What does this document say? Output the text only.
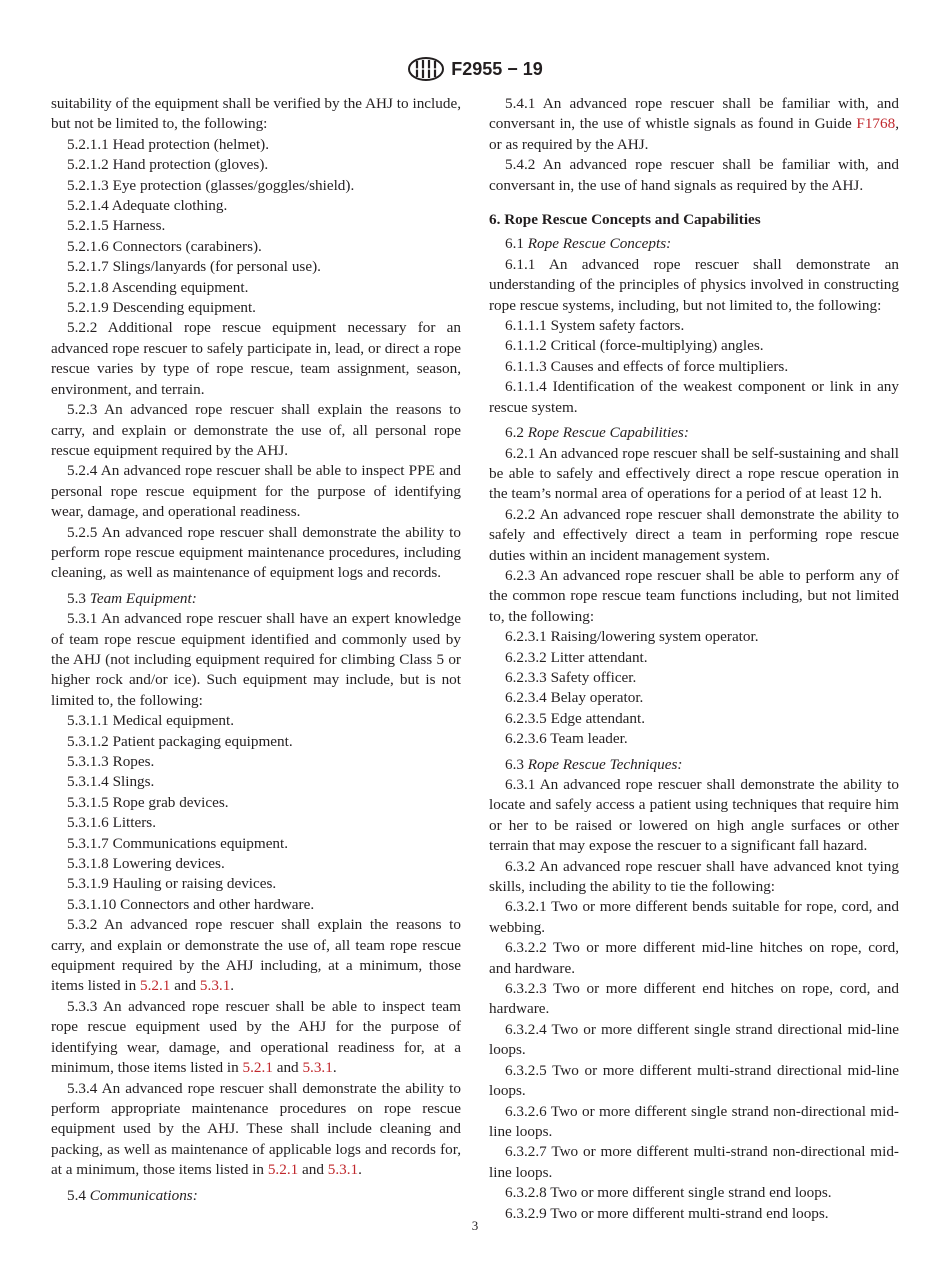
F2955 − 19

suitability of the equipment shall be verified by the AHJ to include, but not be limited to, the following:

5.2.1.1 Head protection (helmet).

5.2.1.2 Hand protection (gloves).

5.2.1.3 Eye protection (glasses/goggles/shield).

5.2.1.4 Adequate clothing.

5.2.1.5 Harness.

5.2.1.6 Connectors (carabiners).

5.2.1.7 Slings/lanyards (for personal use).

5.2.1.8 Ascending equipment.

5.2.1.9 Descending equipment.

5.2.2 Additional rope rescue equipment necessary for an advanced rope rescuer to safely participate in, lead, or direct a rope rescue varies by type of rope rescue, team assignment, season, environment, and terrain.

5.2.3 An advanced rope rescuer shall explain the reasons to carry, and explain or demonstrate the use of, all personal rope rescue equipment required by the AHJ.

5.2.4 An advanced rope rescuer shall be able to inspect PPE and personal rope rescue equipment for the purpose of identifying wear, damage, and operational readiness.

5.2.5 An advanced rope rescuer shall demonstrate the ability to perform rope rescue equipment maintenance procedures, including cleaning, as well as maintenance of equipment logs and records.

5.3 Team Equipment:

5.3.1 An advanced rope rescuer shall have an expert knowledge of team rope rescue equipment identified and commonly used by the AHJ (not including equipment required for climbing Class 5 or higher rock and/or ice). Such equipment may include, but is not limited to, the following:

5.3.1.1 Medical equipment.

5.3.1.2 Patient packaging equipment.

5.3.1.3 Ropes.

5.3.1.4 Slings.

5.3.1.5 Rope grab devices.

5.3.1.6 Litters.

5.3.1.7 Communications equipment.

5.3.1.8 Lowering devices.

5.3.1.9 Hauling or raising devices.

5.3.1.10 Connectors and other hardware.

5.3.2 An advanced rope rescuer shall explain the reasons to carry, and explain or demonstrate the use of, all team rope rescue equipment required by the AHJ including, at a minimum, those items listed in 5.2.1 and 5.3.1.

5.3.3 An advanced rope rescuer shall be able to inspect team rope rescue equipment used by the AHJ for the purpose of identifying wear, damage, and operational readiness for, at a minimum, those items listed in 5.2.1 and 5.3.1.

5.3.4 An advanced rope rescuer shall demonstrate the ability to perform appropriate maintenance procedures on rope rescue equipment used by the AHJ. These shall include cleaning and packing, as well as maintenance of applicable logs and records for, at a minimum, those items listed in 5.2.1 and 5.3.1.

5.4 Communications:

5.4.1 An advanced rope rescuer shall be familiar with, and conversant in, the use of whistle signals as found in Guide F1768, or as required by the AHJ.

5.4.2 An advanced rope rescuer shall be familiar with, and conversant in, the use of hand signals as required by the AHJ.

6. Rope Rescue Concepts and Capabilities

6.1 Rope Rescue Concepts:

6.1.1 An advanced rope rescuer shall demonstrate an understanding of the principles of physics involved in constructing rope rescue systems, including, but not limited to, the following:

6.1.1.1 System safety factors.

6.1.1.2 Critical (force-multiplying) angles.

6.1.1.3 Causes and effects of force multipliers.

6.1.1.4 Identification of the weakest component or link in any rescue system.

6.2 Rope Rescue Capabilities:

6.2.1 An advanced rope rescuer shall be self-sustaining and shall be able to safely and effectively direct a rope rescue operation in the team’s normal area of operations for a period of at least 12 h.

6.2.2 An advanced rope rescuer shall demonstrate the ability to safely and effectively direct a team in performing rope rescue duties within an incident management system.

6.2.3 An advanced rope rescuer shall be able to perform any of the common rope rescue team functions including, but not limited to, the following:

6.2.3.1 Raising/lowering system operator.

6.2.3.2 Litter attendant.

6.2.3.3 Safety officer.

6.2.3.4 Belay operator.

6.2.3.5 Edge attendant.

6.2.3.6 Team leader.

6.3 Rope Rescue Techniques:

6.3.1 An advanced rope rescuer shall demonstrate the ability to locate and safely access a patient using techniques that require him or her to be raised or lowered on high angle surfaces or other terrain that may expose the rescuer to a significant fall hazard.

6.3.2 An advanced rope rescuer shall have advanced knot tying skills, including the ability to tie the following:

6.3.2.1 Two or more different bends suitable for rope, cord, and webbing.

6.3.2.2 Two or more different mid-line hitches on rope, cord, and hardware.

6.3.2.3 Two or more different end hitches on rope, cord, and hardware.

6.3.2.4 Two or more different single strand directional mid-line loops.

6.3.2.5 Two or more different multi-strand directional mid-line loops.

6.3.2.6 Two or more different single strand non-directional mid-line loops.

6.3.2.7 Two or more different multi-strand non-directional mid-line loops.

6.3.2.8 Two or more different single strand end loops.

6.3.2.9 Two or more different multi-strand end loops.

3
